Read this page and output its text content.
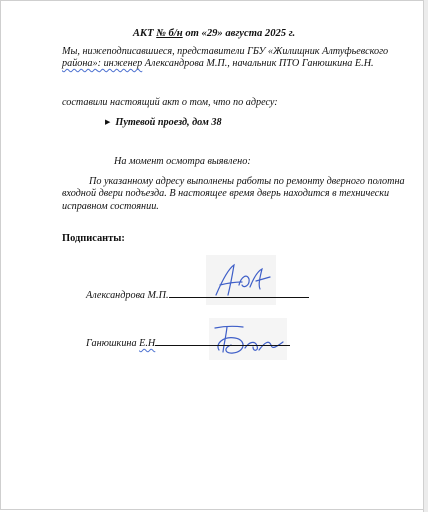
АКТ № б/н от «29» августа 2025 г.
Мы, нижеподписавшиеся, представители ГБУ «Жилищник Алтуфьевского
района»: инженер Александрова М.П., начальник ПТО Ганюшкина Е.Н.
составили настоящий акт о том, что по адресу:
▶ Путевой проезд, дом 38
На момент осмотра выявлено:
По указанному адресу выполнены работы по ремонту дверного полотна
входной двери подъезда. В настоящее время дверь находится в технически
исправном состоянии.
Подписанты:
Александрова М.П.
Ганюшкина Е.Н
